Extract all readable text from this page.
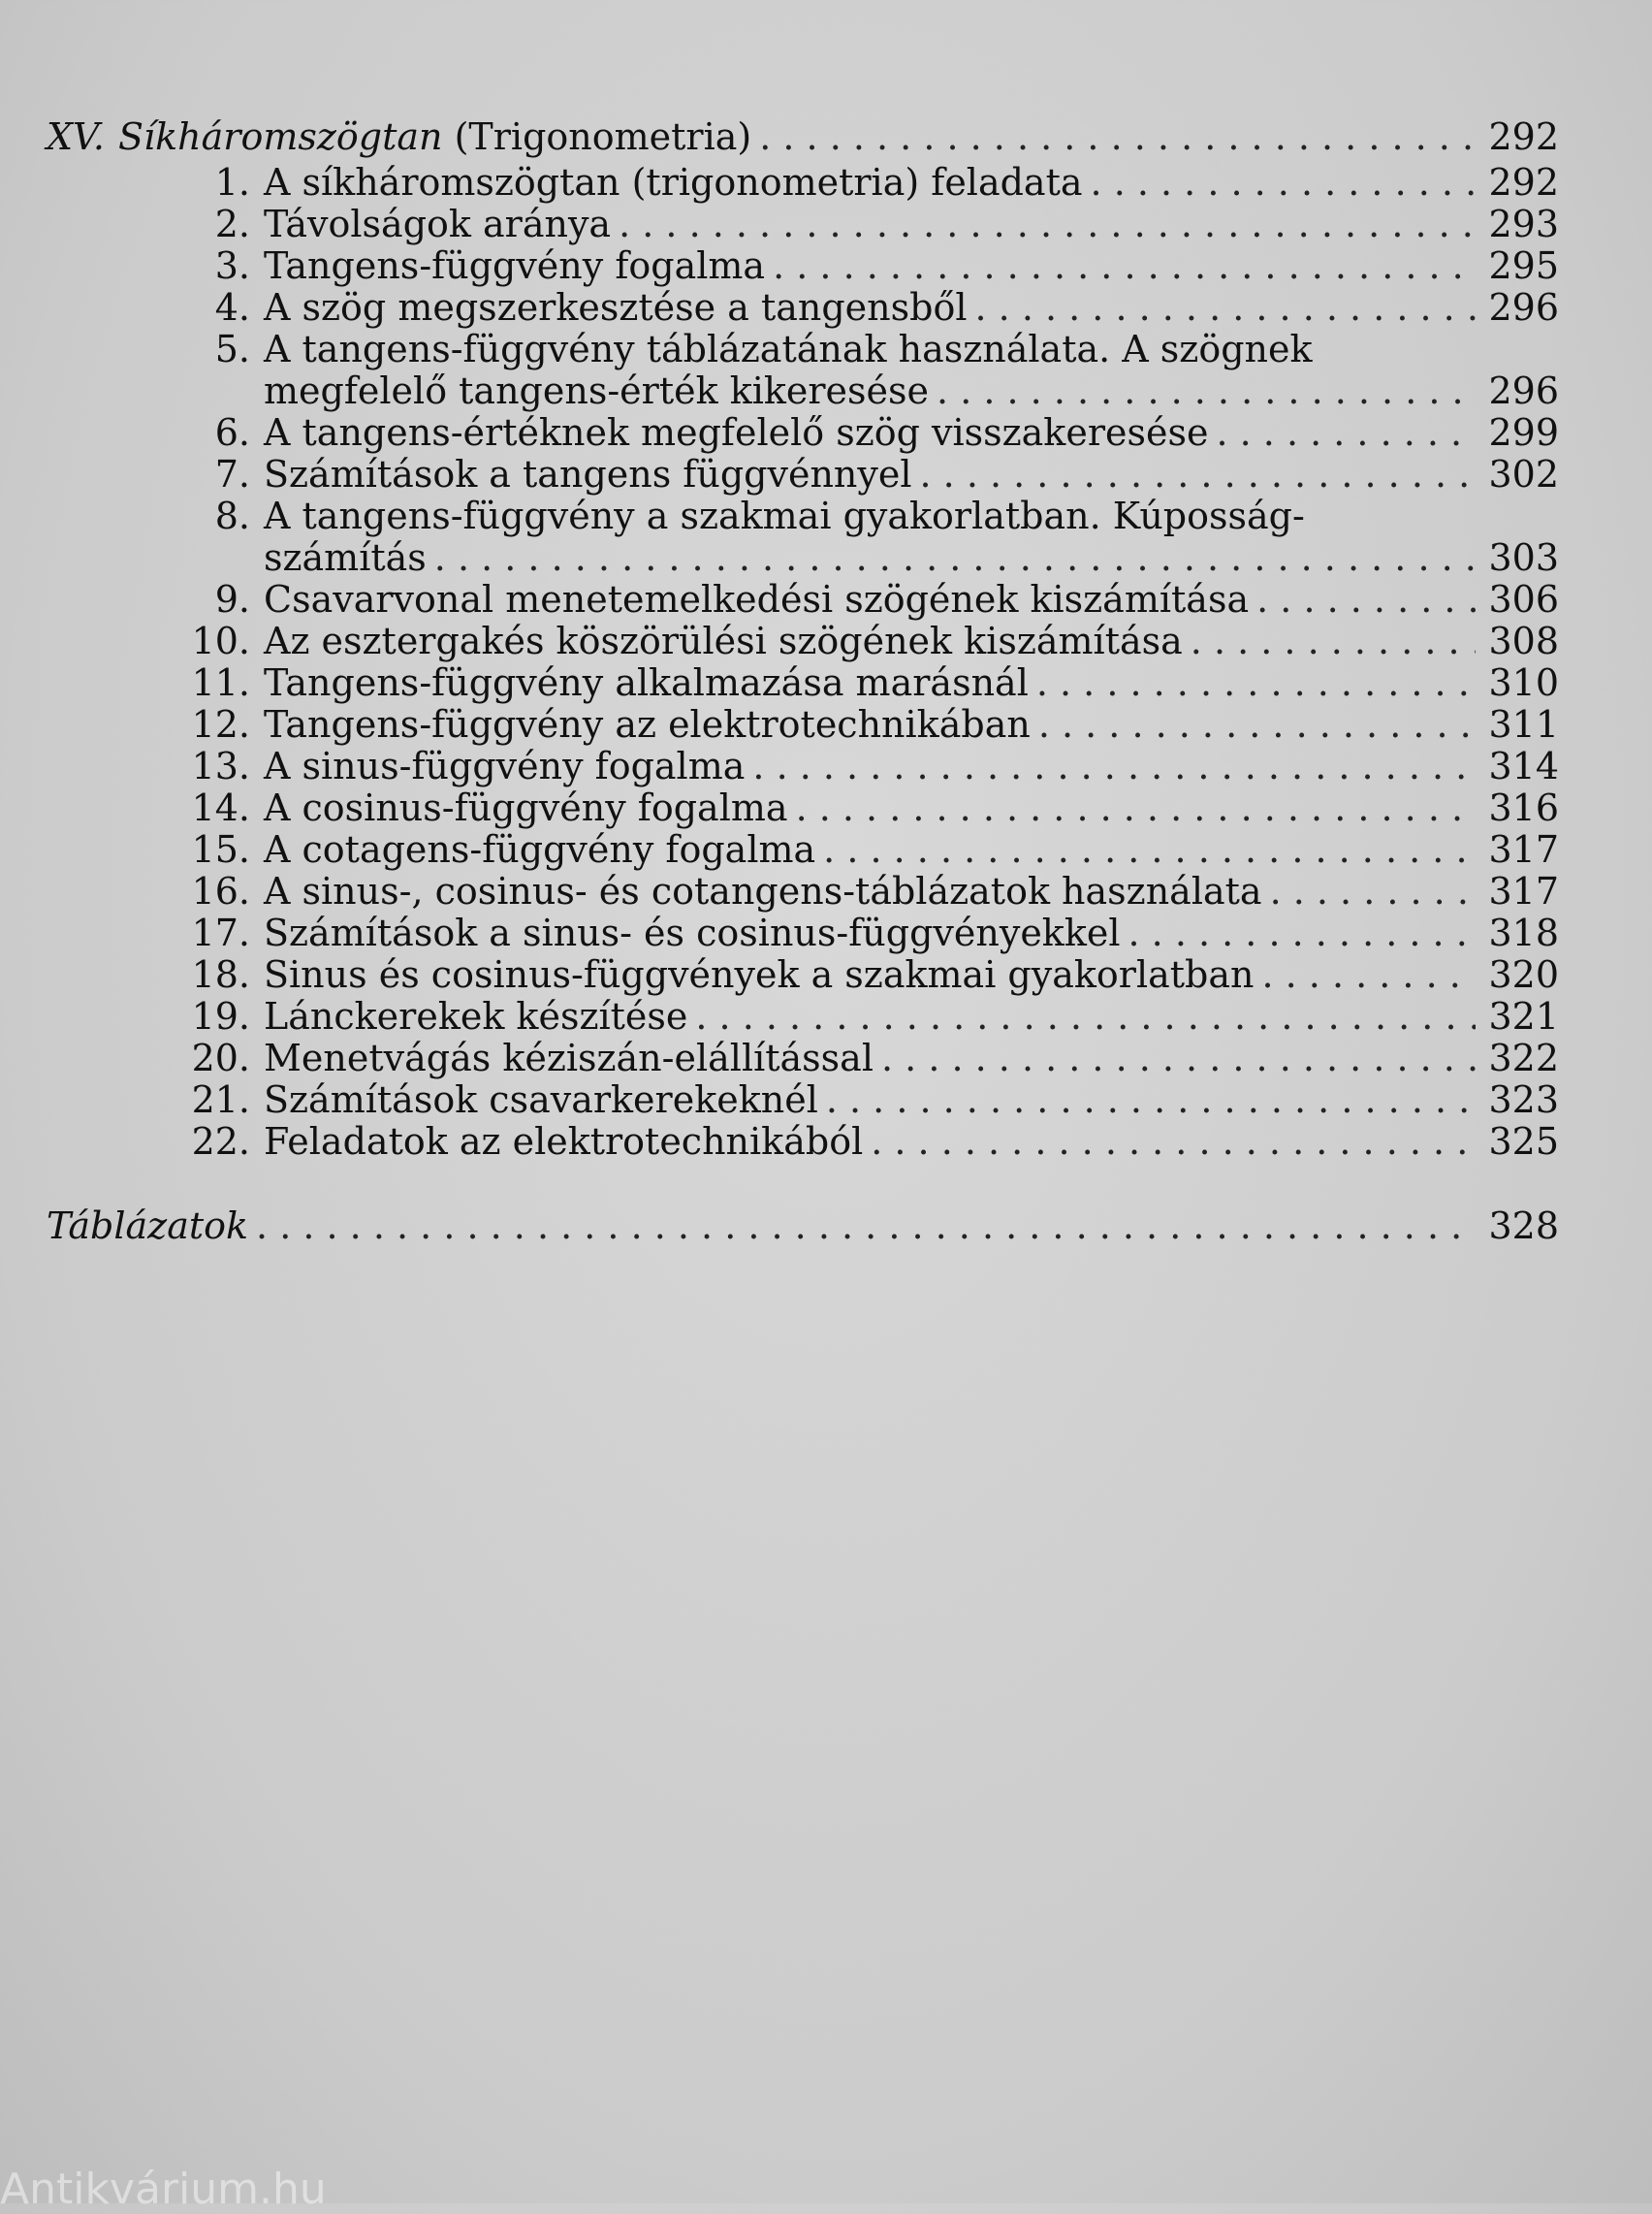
XV. Síkháromszögtan (Trigonometria) . . .	292
1. A síkháromszögtan (trigonometria) feladata . . .	292
2. Távolságok aránya . . .	293
3. Tangens-függvény fogalma . . .	295
4. A szög megszerkesztése a tangensből . . .	296
5. A tangens-függvény táblázatának használata. A szögnek
megfelelő tangens-érték kikeresése . . .	296
6. A tangens-értéknek megfelelő szög visszakeresése . . .	299
7. Számítások a tangens függvénnyel . . .	302
8. A tangens-függvény a szakmai gyakorlatban. Kúposság-
számítás . . .	303
9. Csavarvonal menetemelkedési szögének kiszámítása . . .	306
10. Az esztergakés köszörülési szögének kiszámítása . . .	308
11. Tangens-függvény alkalmazása marásnál . . .	310
12. Tangens-függvény az elektrotechnikában . . .	311
13. A sinus-függvény fogalma . . .	314
14. A cosinus-függvény fogalma . . .	316
15. A cotagens-függvény fogalma . . .	317
16. A sinus-, cosinus- és cotangens-táblázatok használata . . .	317
17. Számítások a sinus- és cosinus-függvényekkel . . .	318
18. Sinus és cosinus-függvények a szakmai gyakorlatban . . .	320
19. Lánckerekek készítése . . .	321
20. Menetvágás kéziszán-elállítással . . .	322
21. Számítások csavarkerekeknél . . .	323
22. Feladatok az elektrotechnikából . . .	325
Táblázatok . . .	328
Antikvárium.hu
